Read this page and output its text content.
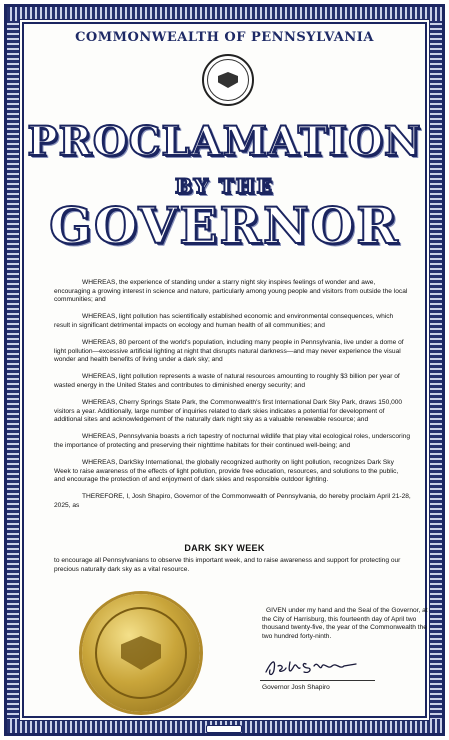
COMMONWEALTH OF PENNSYLVANIA
PROCLAMATION
BY THE
GOVERNOR

WHEREAS, the experience of standing under a starry night sky inspires feelings of wonder and awe, encouraging a growing interest in science and nature, particularly among young people and visitors from outside the local communities; and

WHEREAS, light pollution has scientifically established economic and environmental consequences, which result in significant detrimental impacts on ecology and human health of all communities; and

WHEREAS, 80 percent of the world's population, including many people in Pennsylvania, live under a dome of light pollution—excessive artificial lighting at night that disrupts natural darkness—and may never experience the visual wonder and health benefits of living under a dark sky; and

WHEREAS, light pollution represents a waste of natural resources amounting to roughly $3 billion per year of wasted energy in the United States and contributes to diminished energy security; and

WHEREAS, Cherry Springs State Park, the Commonwealth's first International Dark Sky Park, draws 150,000 visitors a year. Additionally, large number of inquiries related to dark skies indicates a potential for development of additional sites and acknowledgement of the naturally dark night sky as a valuable renewable resource; and

WHEREAS, Pennsylvania boasts a rich tapestry of nocturnal wildlife that play vital ecological roles, underscoring the importance of protecting and preserving their nighttime habitats for their continued well-being; and

WHEREAS, DarkSky International, the globally recognized authority on light pollution, recognizes Dark Sky Week to raise awareness of the effects of light pollution, provide free education, resources, and solutions to the public, and encourage the protection of and enjoyment of dark skies and responsible outdoor lighting.

THEREFORE, I, Josh Shapiro, Governor of the Commonwealth of Pennsylvania, do hereby proclaim April 21-28, 2025, as

DARK SKY WEEK
to encourage all Pennsylvanians to observe this important week, and to raise awareness and support for protecting our precious naturally dark sky as a vital resource.
GIVEN under my hand and the Seal of the Governor, at the City of Harrisburg, this fourteenth day of April two thousand twenty-five, the year of the Commonwealth the two hundred forty-ninth.
Governor Josh Shapiro
